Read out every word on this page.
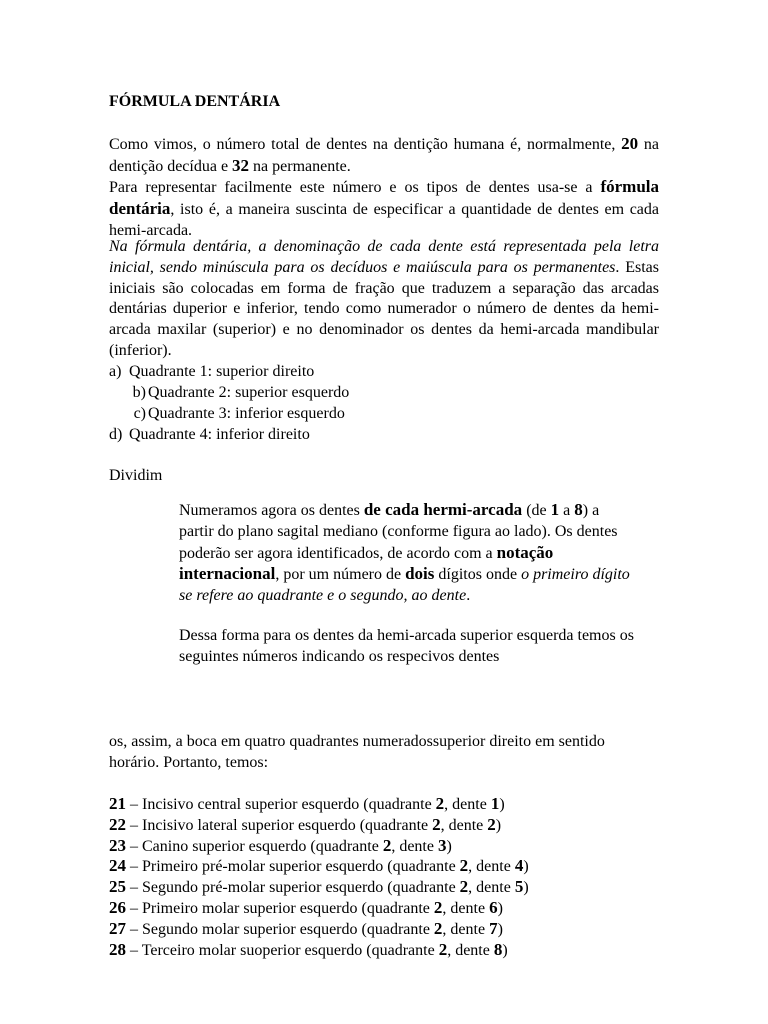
FÓRMULA DENTÁRIA

Como vimos, o número total de dentes na dentição humana é, normalmente, 20 na dentição decídua e 32 na permanente.

Para representar facilmente este número e os tipos de dentes usa-se a fórmula dentária, isto é, a maneira suscinta de especificar a quantidade de dentes em cada hemi-arcada.

Na fórmula dentária, a denominação de cada dente está representada pela letra inicial, sendo minúscula para os decíduos e maiúscula para os permanentes. Estas iniciais são colocadas em forma de fração que traduzem a separação das arcadas dentárias duperior e inferior, tendo como numerador o número de dentes da hemi-arcada maxilar (superior) e no denominador os dentes da hemi-arcada mandibular (inferior).

a) Quadrante 1: superior direito
b) Quadrante 2: superior esquerdo
c) Quadrante 3: inferior esquerdo
d) Quadrante 4: inferior direito

Dividim

Numeramos agora os dentes de cada hermi-arcada (de 1 a 8) a partir do plano sagital mediano (conforme figura ao lado). Os dentes poderão ser agora identificados, de acordo com a notação internacional, por um número de dois dígitos onde o primeiro dígito se refere ao quadrante e o segundo, ao dente.

Dessa forma para os dentes da hemi-arcada superior esquerda temos os seguintes números indicando os respecivos dentes

os, assim, a boca em quatro quadrantes numeradossuperior direito em sentido horário. Portanto, temos:

21 – Incisivo central superior esquerdo (quadrante 2, dente 1)
22 – Incisivo lateral superior esquerdo (quadrante 2, dente 2)
23 – Canino superior esquerdo (quadrante 2, dente 3)
24 – Primeiro pré-molar superior esquerdo (quadrante 2, dente 4)
25 – Segundo pré-molar superior esquerdo (quadrante 2, dente 5)
26 – Primeiro molar superior esquerdo (quadrante 2, dente 6)
27 – Segundo molar superior esquerdo (quadrante 2, dente 7)
28 – Terceiro molar suoperior esquerdo (quadrante 2, dente 8)
